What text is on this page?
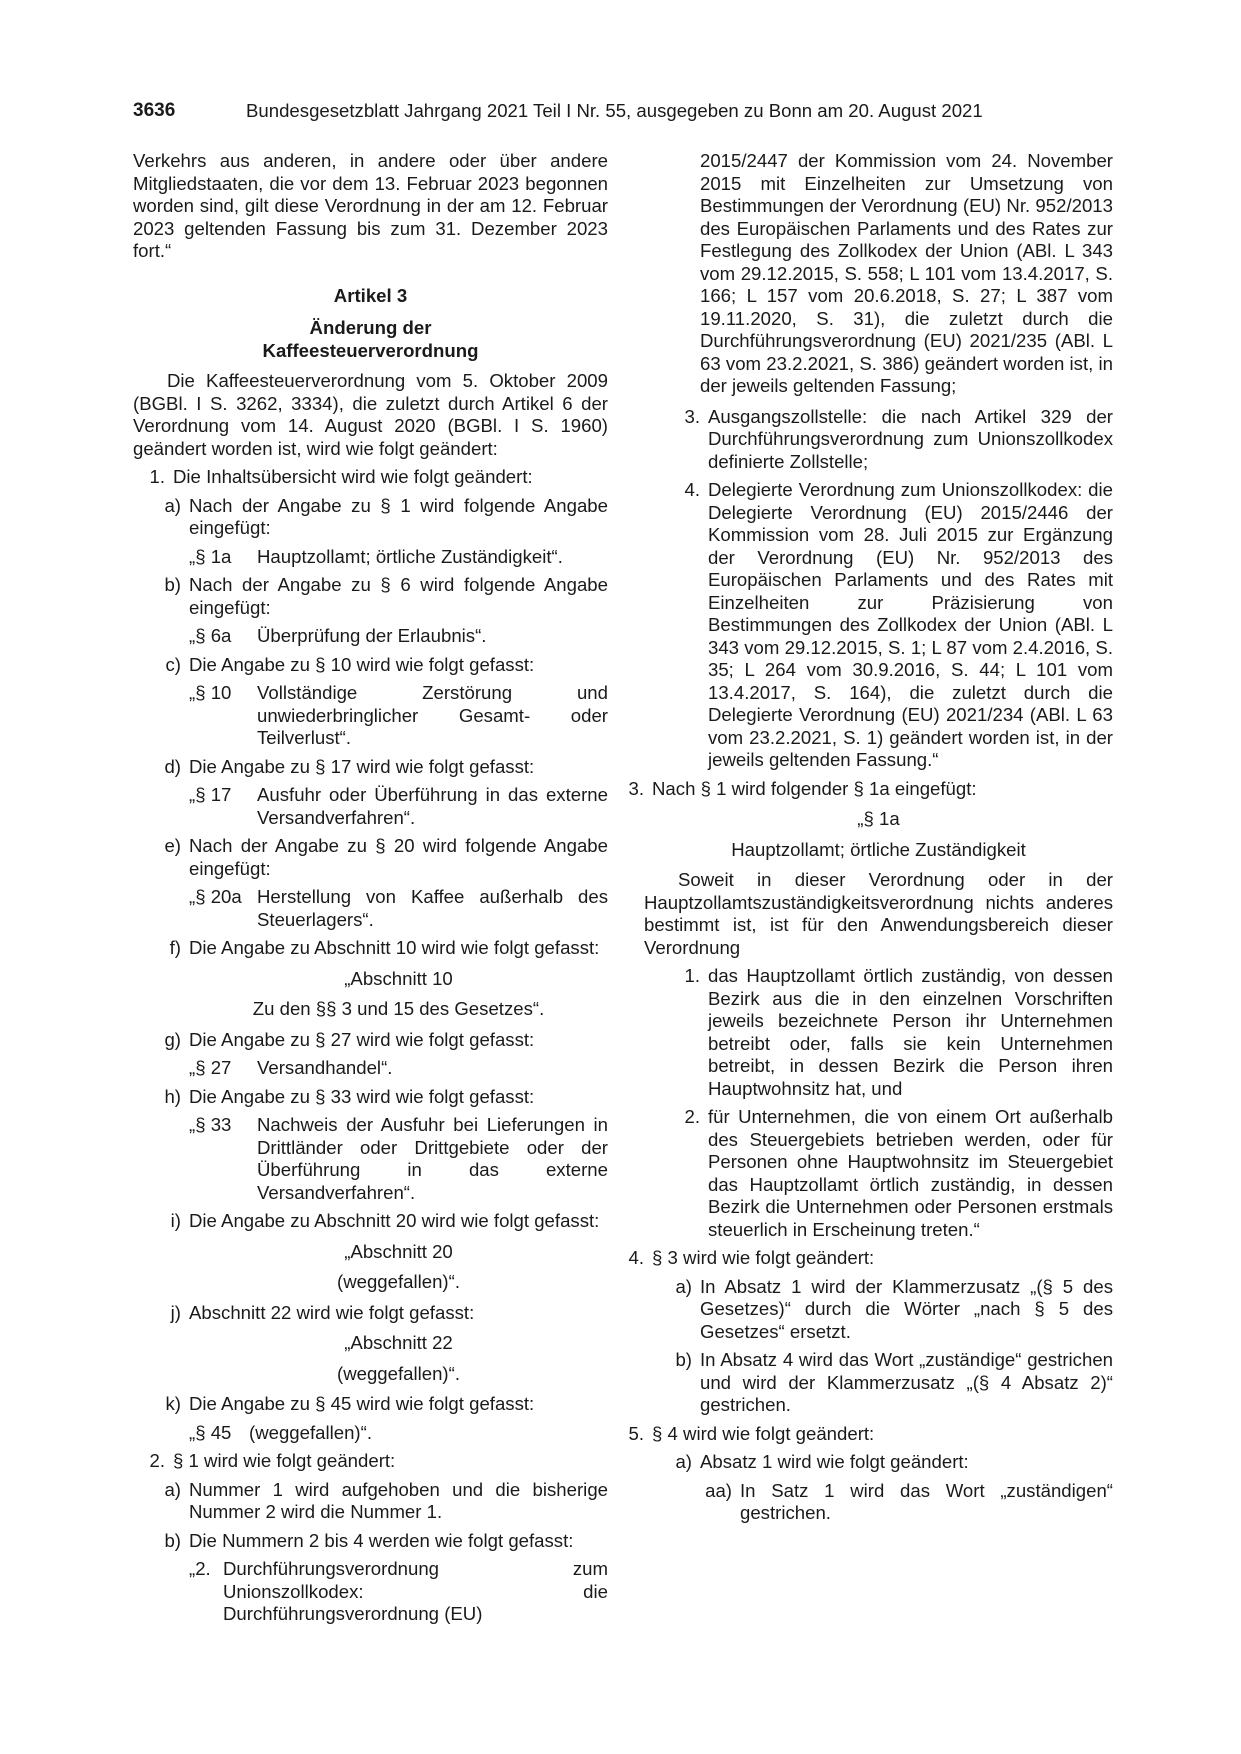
3636	Bundesgesetzblatt Jahrgang 2021 Teil I Nr. 55, ausgegeben zu Bonn am 20. August 2021

Verkehrs aus anderen, in andere oder über andere Mitgliedstaaten, die vor dem 13. Februar 2023 begonnen worden sind, gilt diese Verordnung in der am 12. Februar 2023 geltenden Fassung bis zum 31. Dezember 2023 fort.“

Artikel 3

Änderung der

Kaffeesteuerverordnung

Die Kaffeesteuerverordnung vom 5. Oktober 2009 (BGBl. I S. 3262, 3334), die zuletzt durch Artikel 6 der Verordnung vom 14. August 2020 (BGBl. I S. 1960) geändert worden ist, wird wie folgt geändert:

1. Die Inhaltsübersicht wird wie folgt geändert:
a) Nach der Angabe zu § 1 wird folgende Angabe eingefügt:
„§ 1a	Hauptzollamt; örtliche Zuständigkeit“.
b) Nach der Angabe zu § 6 wird folgende Angabe eingefügt:
„§ 6a	Überprüfung der Erlaubnis“.
c) Die Angabe zu § 10 wird wie folgt gefasst:
„§ 10	Vollständige Zerstörung und unwiederbringlicher Gesamt- oder Teilverlust“.
d) Die Angabe zu § 17 wird wie folgt gefasst:
„§ 17	Ausfuhr oder Überführung in das externe Versandverfahren“.
e) Nach der Angabe zu § 20 wird folgende Angabe eingefügt:
„§ 20a Herstellung von Kaffee außerhalb des Steuerlagers“.
f) Die Angabe zu Abschnitt 10 wird wie folgt gefasst:

„Abschnitt 10

Zu den §§ 3 und 15 des Gesetzes“.

g) Die Angabe zu § 27 wird wie folgt gefasst:
„§ 27	Versandhandel“.
h) Die Angabe zu § 33 wird wie folgt gefasst:
„§ 33	Nachweis der Ausfuhr bei Lieferungen in Drittländer oder Drittgebiete oder der Überführung in das externe Versandverfahren“.
i) Die Angabe zu Abschnitt 20 wird wie folgt gefasst:

„Abschnitt 20

(weggefallen)“.

j) Abschnitt 22 wird wie folgt gefasst:

„Abschnitt 22

(weggefallen)“.

k) Die Angabe zu § 45 wird wie folgt gefasst:
„§ 45 (weggefallen)“.
2. § 1 wird wie folgt geändert:
a) Nummer 1 wird aufgehoben und die bisherige Nummer 2 wird die Nummer 1.
b) Die Nummern 2 bis 4 werden wie folgt gefasst:
„2. Durchführungsverordnung zum Unionszollkodex: die Durchführungsverordnung (EU)

2015/2447 der Kommission vom 24. November 2015 mit Einzelheiten zur Umsetzung von Bestimmungen der Verordnung (EU) Nr. 952/2013 des Europäischen Parlaments und des Rates zur Festlegung des Zollkodex der Union (ABl. L 343 vom 29.12.2015, S. 558; L 101 vom 13.4.2017, S. 166; L 157 vom 20.6.2018, S. 27; L 387 vom 19.11.2020, S. 31), die zuletzt durch die Durchführungsverordnung (EU) 2021/235 (ABl. L 63 vom 23.2.2021, S. 386) geändert worden ist, in der jeweils geltenden Fassung;

3. Ausgangszollstelle: die nach Artikel 329 der Durchführungsverordnung zum Unionszollkodex definierte Zollstelle;
4. Delegierte Verordnung zum Unionszollkodex: die Delegierte Verordnung (EU) 2015/2446 der Kommission vom 28. Juli 2015 zur Ergänzung der Verordnung (EU) Nr. 952/2013 des Europäischen Parlaments und des Rates mit Einzelheiten zur Präzisierung von Bestimmungen des Zollkodex der Union (ABl. L 343 vom 29.12.2015, S. 1; L 87 vom 2.4.2016, S. 35; L 264 vom 30.9.2016, S. 44; L 101 vom 13.4.2017, S. 164), die zuletzt durch die Delegierte Verordnung (EU) 2021/234 (ABl. L 63 vom 23.2.2021, S. 1) geändert worden ist, in der jeweils geltenden Fassung.“
3. Nach § 1 wird folgender § 1a eingefügt:

„§ 1a

Hauptzollamt; örtliche Zuständigkeit

Soweit in dieser Verordnung oder in der Hauptzollamtszuständigkeitsverordnung nichts anderes bestimmt ist, ist für den Anwendungsbereich dieser Verordnung

1. das Hauptzollamt örtlich zuständig, von dessen Bezirk aus die in den einzelnen Vorschriften jeweils bezeichnete Person ihr Unternehmen betreibt oder, falls sie kein Unternehmen betreibt, in dessen Bezirk die Person ihren Hauptwohnsitz hat, und
2. für Unternehmen, die von einem Ort außerhalb des Steuergebiets betrieben werden, oder für Personen ohne Hauptwohnsitz im Steuergebiet das Hauptzollamt örtlich zuständig, in dessen Bezirk die Unternehmen oder Personen erstmals steuerlich in Erscheinung treten.“
4. § 3 wird wie folgt geändert:
a) In Absatz 1 wird der Klammerzusatz „(§ 5 des Gesetzes)“ durch die Wörter „nach § 5 des Gesetzes“ ersetzt.
b) In Absatz 4 wird das Wort „zuständige“ gestrichen und wird der Klammerzusatz „(§ 4 Absatz 2)“ gestrichen.
5. § 4 wird wie folgt geändert:
a) Absatz 1 wird wie folgt geändert:
aa) In Satz 1 wird das Wort „zuständigen“ gestrichen.
